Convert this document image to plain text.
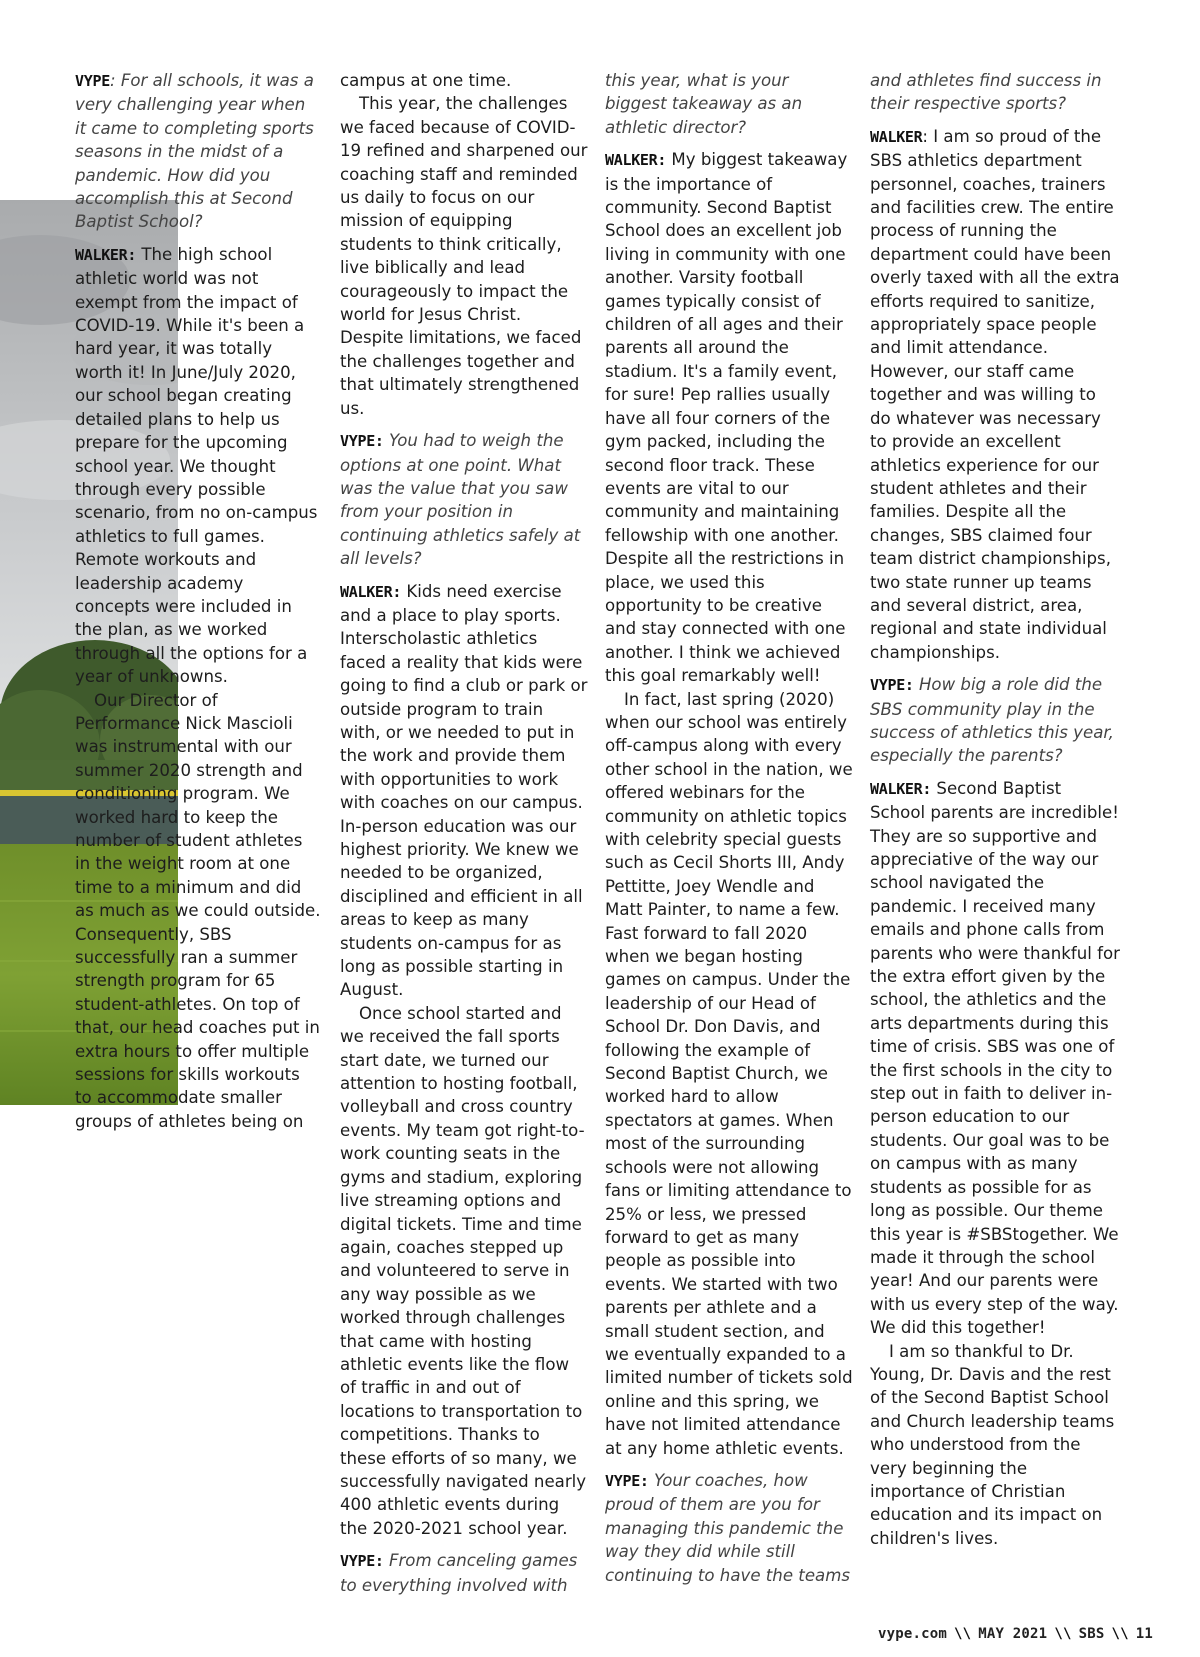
VYPE: For all schools, it was a very challenging year when it came to completing sports seasons in the midst of a pandemic. How did you

accomplish this at Second Baptist School?

WALKER: The high school athletic world was not exempt from the impact of COVID-19. While it's been a hard year, it was totally worth it! In June/July 2020, our school began creating detailed plans to help us prepare for the upcoming school year. We thought through every possible scenario, from no on-campus athletics to full games. Remote workouts and leadership academy concepts were included in the plan, as we worked through all the options for a year of unknowns.

Our Director of Performance Nick Mascioli was instrumental with our summer 2020 strength and conditioning program. We worked hard to keep the number of student athletes in the weight room at one time to a minimum and did as much as we could outside. Consequently, SBS successfully ran a summer strength program for 65 student-athletes. On top of that, our head coaches put in extra hours to offer multiple sessions for skills workouts to accommodate smaller groups of athletes being on

campus at one time.

This year, the challenges we faced because of COVID-19 refined and sharpened our coaching staff and reminded us daily to focus on our mission of equipping students to think critically, live biblically and lead courageously to impact the world for Jesus Christ. Despite limitations, we faced the challenges together and that ultimately strengthened us.

VYPE: You had to weigh the options at one point. What was the value that you saw from your position in continuing athletics safely at all levels?

WALKER: Kids need exercise and a place to play sports. Interscholastic athletics faced a reality that kids were going to find a club or park or outside program to train with, or we needed to put in the work and provide them with opportunities to work with coaches on our campus. In-person education was our highest priority. We knew we needed to be organized, disciplined and efficient in all areas to keep as many students on-campus for as long as possible starting in August.

Once school started and we received the fall sports start date, we turned our attention to hosting football, volleyball and cross country events. My team got right-to-work counting seats in the gyms and stadium, exploring live streaming options and digital tickets. Time and time again, coaches stepped up and volunteered to serve in any way possible as we worked through challenges that came with hosting athletic events like the flow of traffic in and out of locations to transportation to competitions. Thanks to these efforts of so many, we successfully navigated nearly 400 athletic events during the 2020-2021 school year.

VYPE: From canceling games to everything involved with

this year, what is your biggest takeaway as an athletic director?

WALKER: My biggest takeaway is the importance of community. Second Baptist School does an excellent job living in community with one another. Varsity football games typically consist of children of all ages and their parents all around the stadium. It's a family event, for sure! Pep rallies usually have all four corners of the gym packed, including the second floor track. These events are vital to our community and maintaining fellowship with one another. Despite all the restrictions in place, we used this opportunity to be creative and stay connected with one another. I think we achieved this goal remarkably well!

In fact, last spring (2020) when our school was entirely off-campus along with every other school in the nation, we offered webinars for the community on athletic topics with celebrity special guests such as Cecil Shorts III, Andy Pettitte, Joey Wendle and Matt Painter, to name a few. Fast forward to fall 2020 when we began hosting games on campus. Under the leadership of our Head of School Dr. Don Davis, and following the example of Second Baptist Church, we worked hard to allow spectators at games. When most of the surrounding schools were not allowing fans or limiting attendance to 25% or less, we pressed forward to get as many people as possible into events. We started with two parents per athlete and a small student section, and we eventually expanded to a limited number of tickets sold online and this spring, we have not limited attendance at any home athletic events.

VYPE: Your coaches, how proud of them are you for managing this pandemic the way they did while still continuing to have the teams

and athletes find success in their respective sports?

WALKER: I am so proud of the SBS athletics department personnel, coaches, trainers and facilities crew. The entire process of running the department could have been overly taxed with all the extra efforts required to sanitize, appropriately space people and limit attendance. However, our staff came together and was willing to do whatever was necessary to provide an excellent athletics experience for our student athletes and their families. Despite all the changes, SBS claimed four team district championships, two state runner up teams and several district, area, regional and state individual championships.

VYPE: How big a role did the SBS community play in the success of athletics this year, especially the parents?

WALKER: Second Baptist School parents are incredible! They are so supportive and appreciative of the way our school navigated the pandemic. I received many emails and phone calls from parents who were thankful for the extra effort given by the school, the athletics and the arts departments during this time of crisis. SBS was one of the first schools in the city to step out in faith to deliver in-person education to our students. Our goal was to be on campus with as many students as possible for as long as possible. Our theme this year is #SBStogether. We made it through the school year! And our parents were with us every step of the way. We did this together!

I am so thankful to Dr. Young, Dr. Davis and the rest of the Second Baptist School and Church leadership teams who understood from the very beginning the importance of Christian education and its impact on children's lives.

vype.com \\ MAY 2021 \\ SBS \\ 11
